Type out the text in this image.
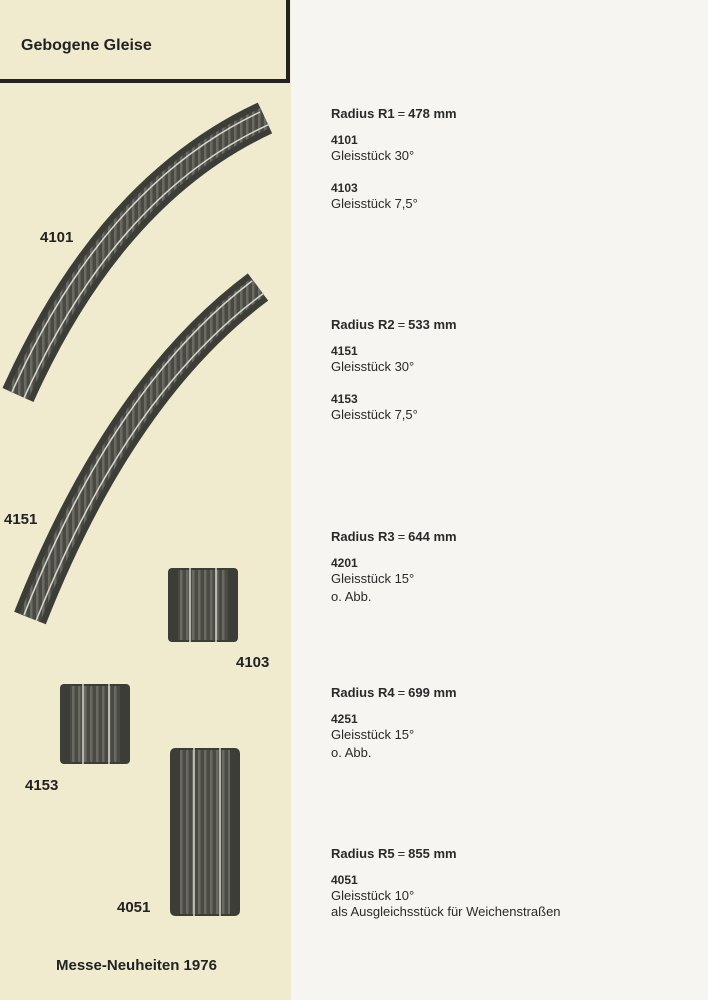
Gebogene Gleise
4101
4151
4103
4153
4051
Messe-Neuheiten 1976
Radius R1 = 478 mm
4101
Gleisstück 30°
4103
Gleisstück 7,5°
Radius R2 = 533 mm
4151
Gleisstück 30°
4153
Gleisstück 7,5°
Radius R3 = 644 mm
4201
Gleisstück 15°
o. Abb.
Radius R4 = 699 mm
4251
Gleisstück 15°
o. Abb.
Radius R5 = 855 mm
4051
Gleisstück 10°
als Ausgleichsstück für Weichenstraßen
